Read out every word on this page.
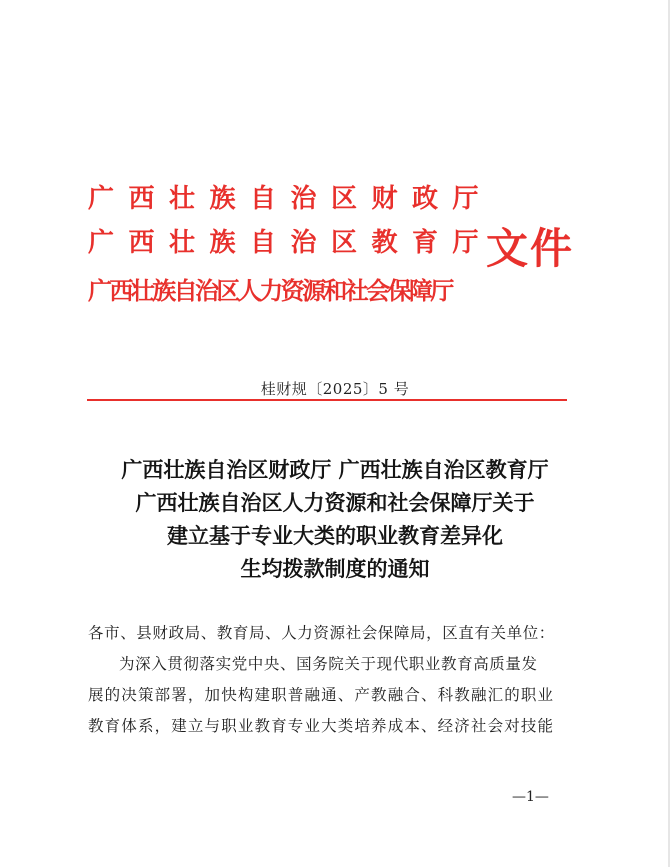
广西壮族自治区财政厅
广西壮族自治区教育厅
广西壮族自治区人力资源和社会保障厅
文件
桂财规〔2025〕5 号
广西壮族自治区财政厅 广西壮族自治区教育厅
广西壮族自治区人力资源和社会保障厅关于
建立基于专业大类的职业教育差异化
生均拨款制度的通知
各市、县财政局、教育局、人力资源社会保障局，区直有关单位：
为深入贯彻落实党中央、国务院关于现代职业教育高质量发
展的决策部署，加快构建职普融通、产教融合、科教融汇的职业
教育体系，建立与职业教育专业大类培养成本、经济社会对技能
—1—
